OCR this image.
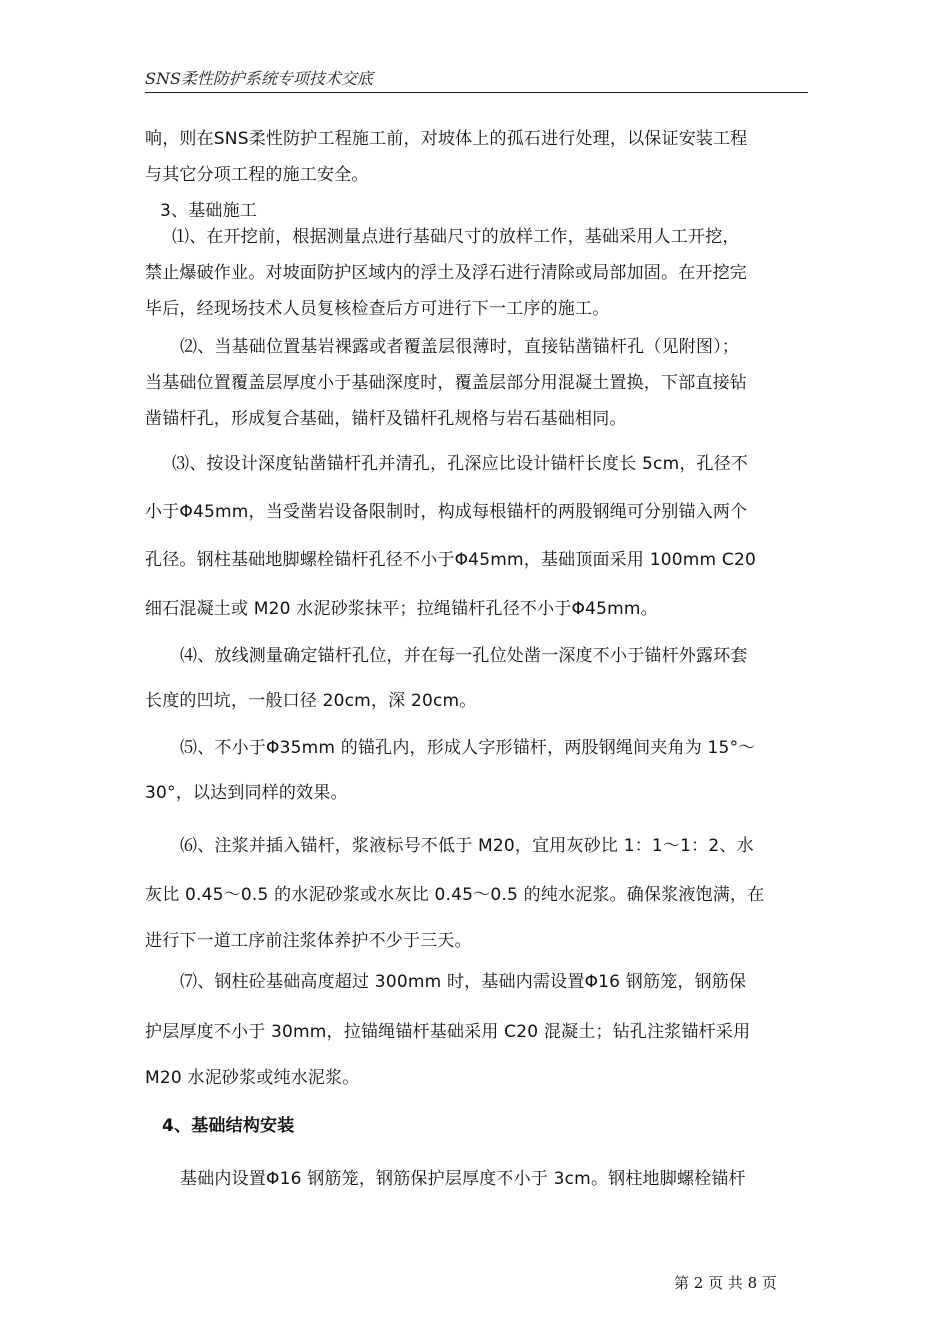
SNS柔性防护系统专项技术交底
响，则在SNS柔性防护工程施工前，对坡体上的孤石进行处理，以保证安装工程
与其它分项工程的施工安全。
3、基础施工
⑴、在开挖前，根据测量点进行基础尺寸的放样工作，基础采用人工开挖，
禁止爆破作业。对坡面防护区域内的浮土及浮石进行清除或局部加固。在开挖完
毕后，经现场技术人员复核检查后方可进行下一工序的施工。
⑵、当基础位置基岩裸露或者覆盖层很薄时，直接钻凿锚杆孔（见附图）；
当基础位置覆盖层厚度小于基础深度时，覆盖层部分用混凝土置换，下部直接钻
凿锚杆孔，形成复合基础，锚杆及锚杆孔规格与岩石基础相同。
⑶、按设计深度钻凿锚杆孔并清孔，孔深应比设计锚杆长度长 5cm，孔径不
小于Φ45mm，当受凿岩设备限制时，构成每根锚杆的两股钢绳可分别锚入两个
孔径。钢柱基础地脚螺栓锚杆孔径不小于Φ45mm，基础顶面采用 100mm C20
细石混凝土或 M20 水泥砂浆抹平；拉绳锚杆孔径不小于Φ45mm。
⑷、放线测量确定锚杆孔位，并在每一孔位处凿一深度不小于锚杆外露环套
长度的凹坑，一般口径 20cm，深 20cm。
⑸、不小于Φ35mm 的锚孔内，形成人字形锚杆，两股钢绳间夹角为 15°～
30°，以达到同样的效果。
⑹、注浆并插入锚杆，浆液标号不低于 M20，宜用灰砂比 1：1～1：2、水
灰比 0.45～0.5 的水泥砂浆或水灰比 0.45～0.5 的纯水泥浆。确保浆液饱满，在
进行下一道工序前注浆体养护不少于三天。
⑺、钢柱砼基础高度超过 300mm 时，基础内需设置Φ16 钢筋笼，钢筋保
护层厚度不小于 30mm，拉锚绳锚杆基础采用 C20 混凝土；钻孔注浆锚杆采用
M20 水泥砂浆或纯水泥浆。
4、基础结构安装
基础内设置Φ16 钢筋笼，钢筋保护层厚度不小于 3cm。钢柱地脚螺栓锚杆
第 2 页 共 8 页
